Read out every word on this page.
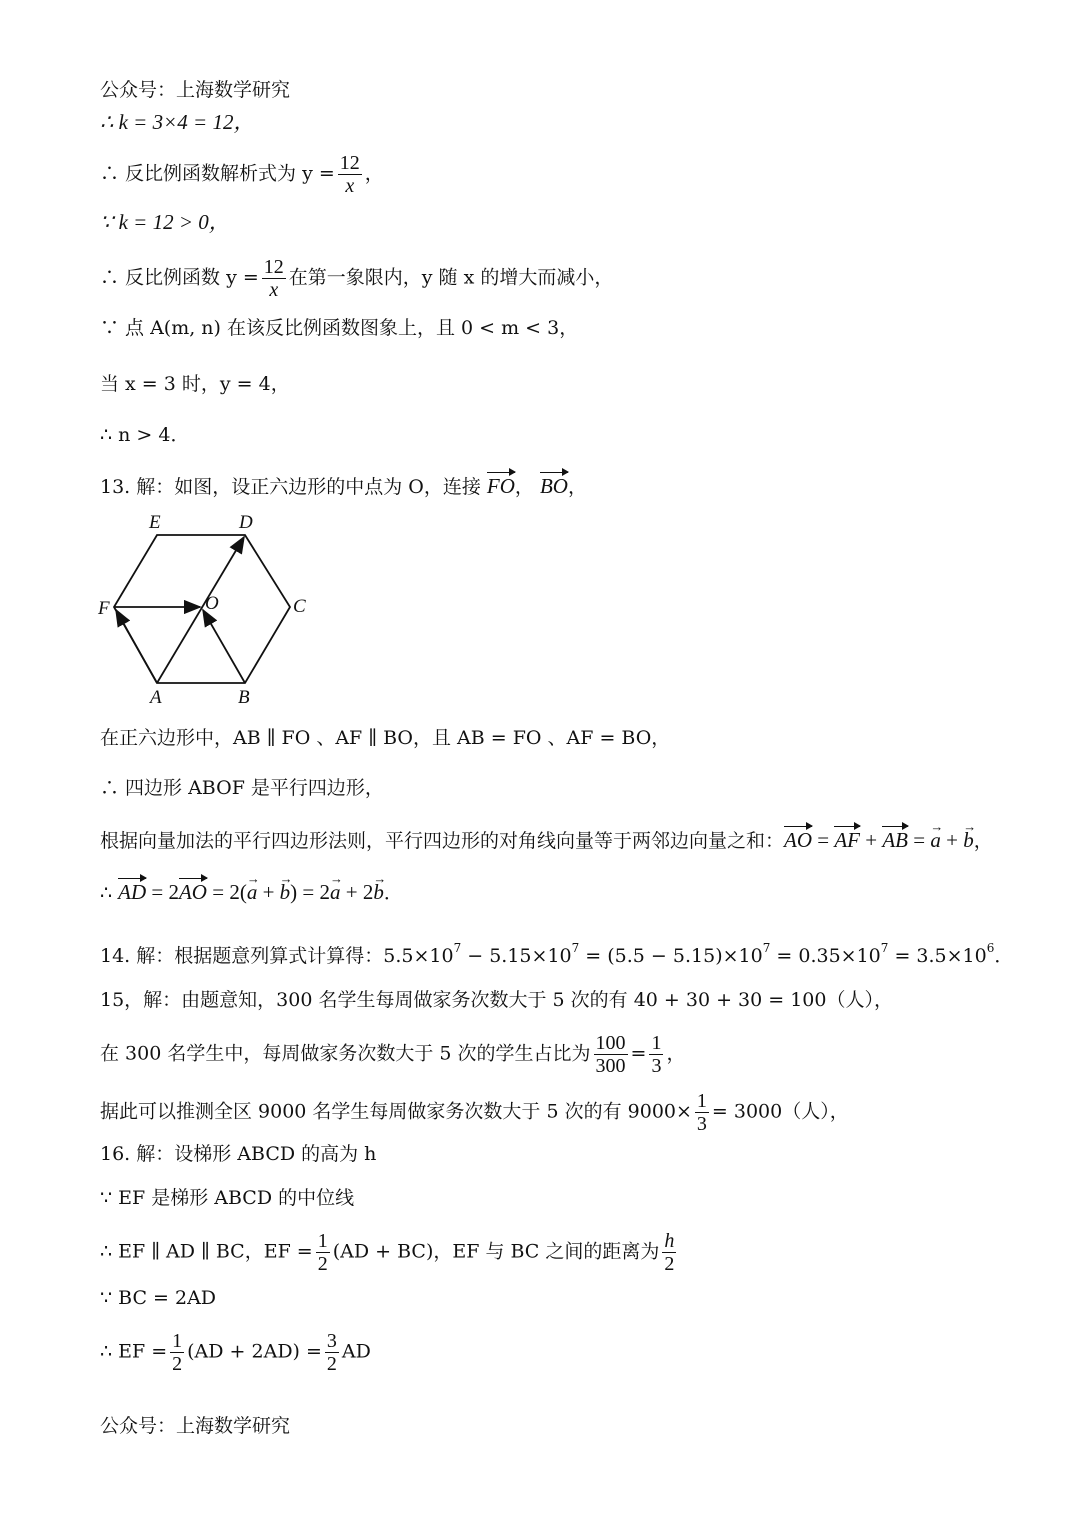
公众号：上海数学研究
∴ k = 3×4 = 12，
∴ 反比例函数解析式为 $y = \frac{12}{x}$ ，
∵ k = 12 > 0，
∴ 反比例函数 $y = \frac{12}{x}$ 在第一象限内，y 随 x 的增大而减小，
∵ 点 A(m, n) 在该反比例函数图象上，且 0 < m < 3，
当 x = 3 时，y = 4，
∴ n > 4．
13. 解：如图，设正六边形的中点为 O，连接 FO， BO，
E	D
F	O	C
A	B
在正六边形中，AB ∥ FO 、AF ∥ BO，且 AB = FO 、AF = BO，
∴ 四边形 ABOF 是平行四边形，
根据向量加法的平行四边形法则，平行四边形的对角线向量等于两邻边向量之和：AO = AF + AB = → a + → b，
∴ AD = 2AO = 2(→ a + → b) = 2→ a + 2→ b．
14. 解：根据题意列算式计算得：$5.5\times 10^7 - 5.15\times 10^7 = (5.5 - 5.15)\times 10^7 = 0.35\times 10^7 = 3.5\times 10^6$．
15，解：由题意知，300 名学生每周做家务次数大于 5 次的有 40 + 30 + 30 = 100（人），
在 300 名学生中，每周做家务次数大于 5 次的学生占比为 $\frac{100}{300} = \frac{1}{3}$ ，
据此可以推测全区 9000 名学生每周做家务次数大于 5 次的有 $9000\times \frac{1}{3} = 3000$（人），
16. 解：设梯形 ABCD 的高为 h
∵ EF 是梯形 ABCD 的中位线
∴ EF ∥ AD ∥ BC，EF = $\frac{1}{2} (AD + BC)$，EF 与 BC 之间的距离为 $\frac{h}{2}$
∵ BC = 2AD
∴ EF = $\frac{1}{2} (AD + 2AD) = \frac{3}{2}$ AD
公众号：上海数学研究
